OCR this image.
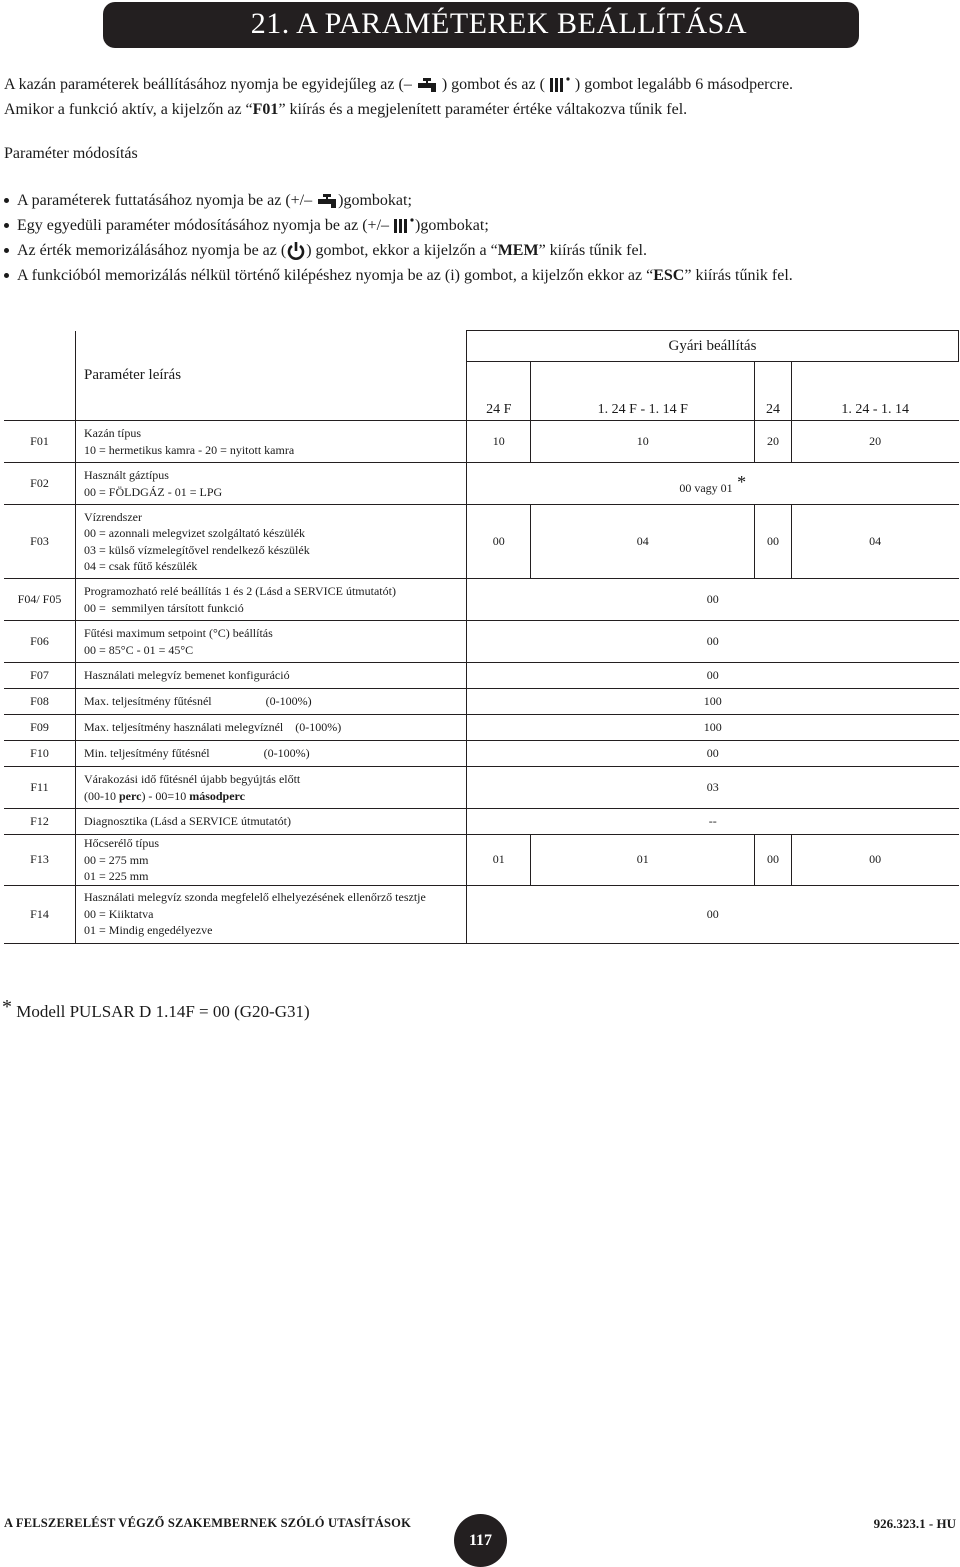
21. A PARAMÉTEREK BEÁLLÍTÁSA

A kazán paraméterek beállításához nyomja be egyidejűleg az (– ) gombot és az ( ) gombot legalább 6 másodpercre.

Amikor a funkció aktív, a kijelzőn az “F01” kiírás és a megjelenített paraméter értéke váltakozva tűnik fel.

Paraméter módosítás
A paraméterek futtatásához nyomja be az (+/– )gombokat;
Egy egyedüli paraméter módosításához nyomja be az (+/– )gombokat;
Az érték memorizálásához nyomja be az ( ) gombot, ekkor a kijelzőn a “MEM” kiírás tűnik fel.
A funkcióból memorizálás nélkül történő kilépéshez nyomja be az (i) gombot, a kijelzőn ekkor az “ESC” kiírás tűnik fel.
	Paraméter leírás	Gyári beállítás			
		24 F	1. 24 F - 1. 14 F	24	1. 24 - 1. 14
F01	Kazán típus
10 = hermetikus kamra - 20 = nyitott kamra	10	10	20	20
F02	Használt gáztípus
00 = FÖLDGÁZ - 01 = LPG	00 vagy 01 *			
F03	Vízrendszer
00 = azonnali melegvizet szolgáltató készülék
03 = külső vízmelegítővel rendelkező készülék
04 = csak fűtő készülék	00	04	00	04
F04/ F05	Programozható relé beállítás 1 és 2 (Lásd a SERVICE útmutatót)
00 =  semmilyen társított funkció	00			
F06	Fűtési maximum setpoint (°C) beállítás
00 = 85°C - 01 = 45°C	00			
F07	Használati melegvíz bemenet konfiguráció	00			
F08	Max. teljesítmény fűtésnél                  (0-100%)	100			
F09	Max. teljesítmény használati melegvíznél    (0-100%)	100			
F10	Min. teljesítmény fűtésnél                  (0-100%)	00			
F11	Várakozási idő fűtésnél újabb begyújtás előtt
(00-10 perc) - 00=10 másodperc	03			
F12	Diagnosztika (Lásd a SERVICE útmutatót)	--			
F13	Hőcserélő típus
00 = 275 mm
01 = 225 mm	01	01	00	00
F14	Használati melegvíz szonda megfelelő elhelyezésének ellenőrző tesztje
00 = Kiiktatva
01 = Mindig engedélyezve	00			
* Modell PULSAR D 1.14F = 00 (G20-G31)
A FELSZERELÉST VÉGZŐ SZAKEMBERNEK SZÓLÓ UTASÍTÁSOK
117
926.323.1 - HU
